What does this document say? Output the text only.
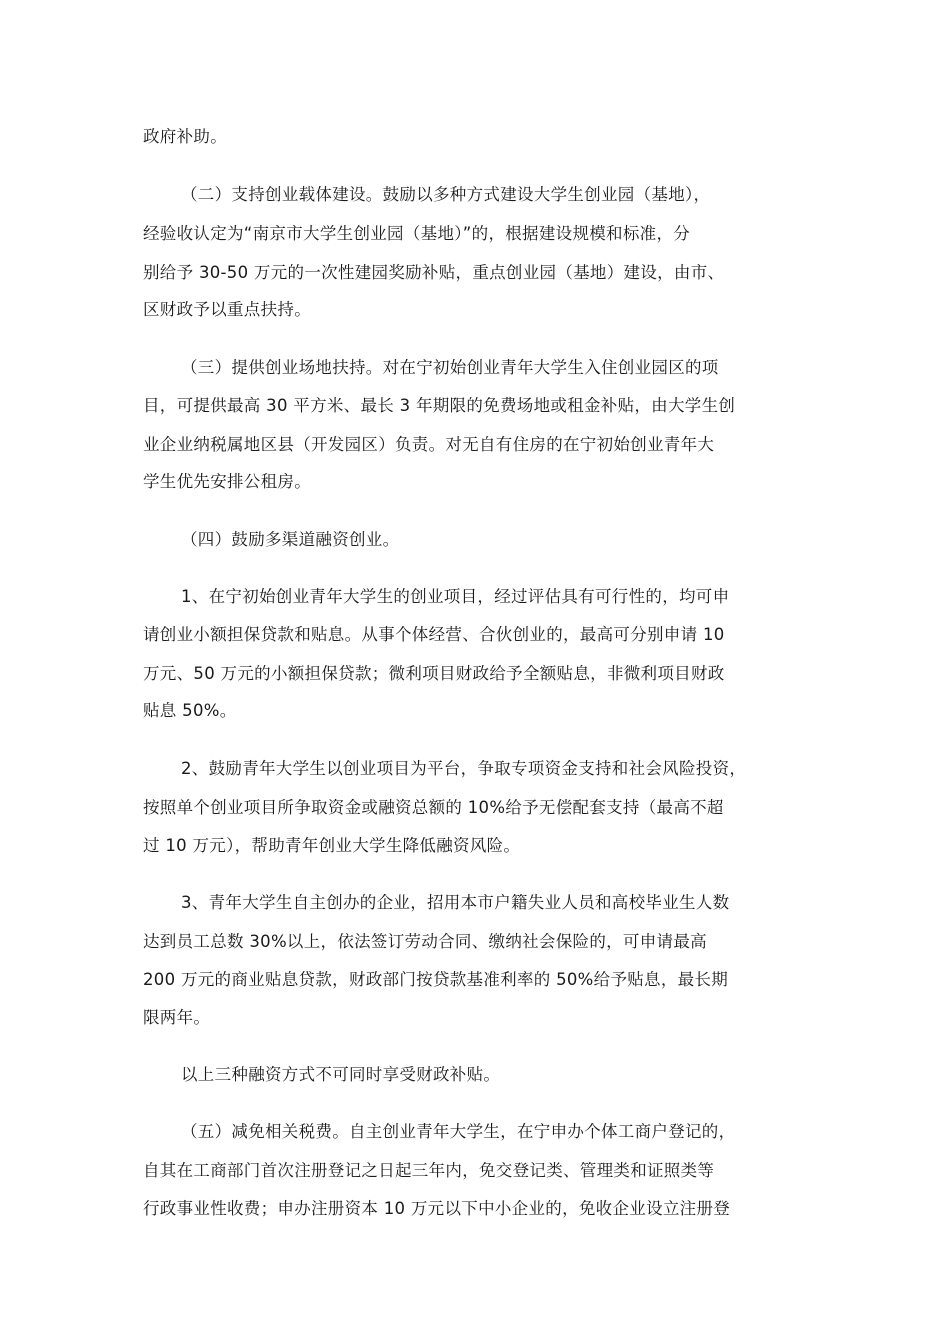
政府补助。
（二）支持创业载体建设。鼓励以多种方式建设大学生创业园（基地），
经验收认定为“南京市大学生创业园（基地）”的，根据建设规模和标准，分
别给予 30-50 万元的一次性建园奖励补贴，重点创业园（基地）建设，由市、
区财政予以重点扶持。
（三）提供创业场地扶持。对在宁初始创业青年大学生入住创业园区的项
目，可提供最高 30 平方米、最长 3 年期限的免费场地或租金补贴，由大学生创
业企业纳税属地区县（开发园区）负责。对无自有住房的在宁初始创业青年大
学生优先安排公租房。
（四）鼓励多渠道融资创业。
1、在宁初始创业青年大学生的创业项目，经过评估具有可行性的，均可申
请创业小额担保贷款和贴息。从事个体经营、合伙创业的，最高可分别申请 10
万元、50 万元的小额担保贷款；微利项目财政给予全额贴息，非微利项目财政
贴息 50%。
2、鼓励青年大学生以创业项目为平台，争取专项资金支持和社会风险投资，
按照单个创业项目所争取资金或融资总额的 10%给予无偿配套支持（最高不超
过 10 万元），帮助青年创业大学生降低融资风险。
3、青年大学生自主创办的企业，招用本市户籍失业人员和高校毕业生人数
达到员工总数 30%以上，依法签订劳动合同、缴纳社会保险的，可申请最高
200 万元的商业贴息贷款，财政部门按贷款基准利率的 50%给予贴息，最长期
限两年。
以上三种融资方式不可同时享受财政补贴。
（五）减免相关税费。自主创业青年大学生，在宁申办个体工商户登记的，
自其在工商部门首次注册登记之日起三年内，免交登记类、管理类和证照类等
行政事业性收费；申办注册资本 10 万元以下中小企业的，免收企业设立注册登
